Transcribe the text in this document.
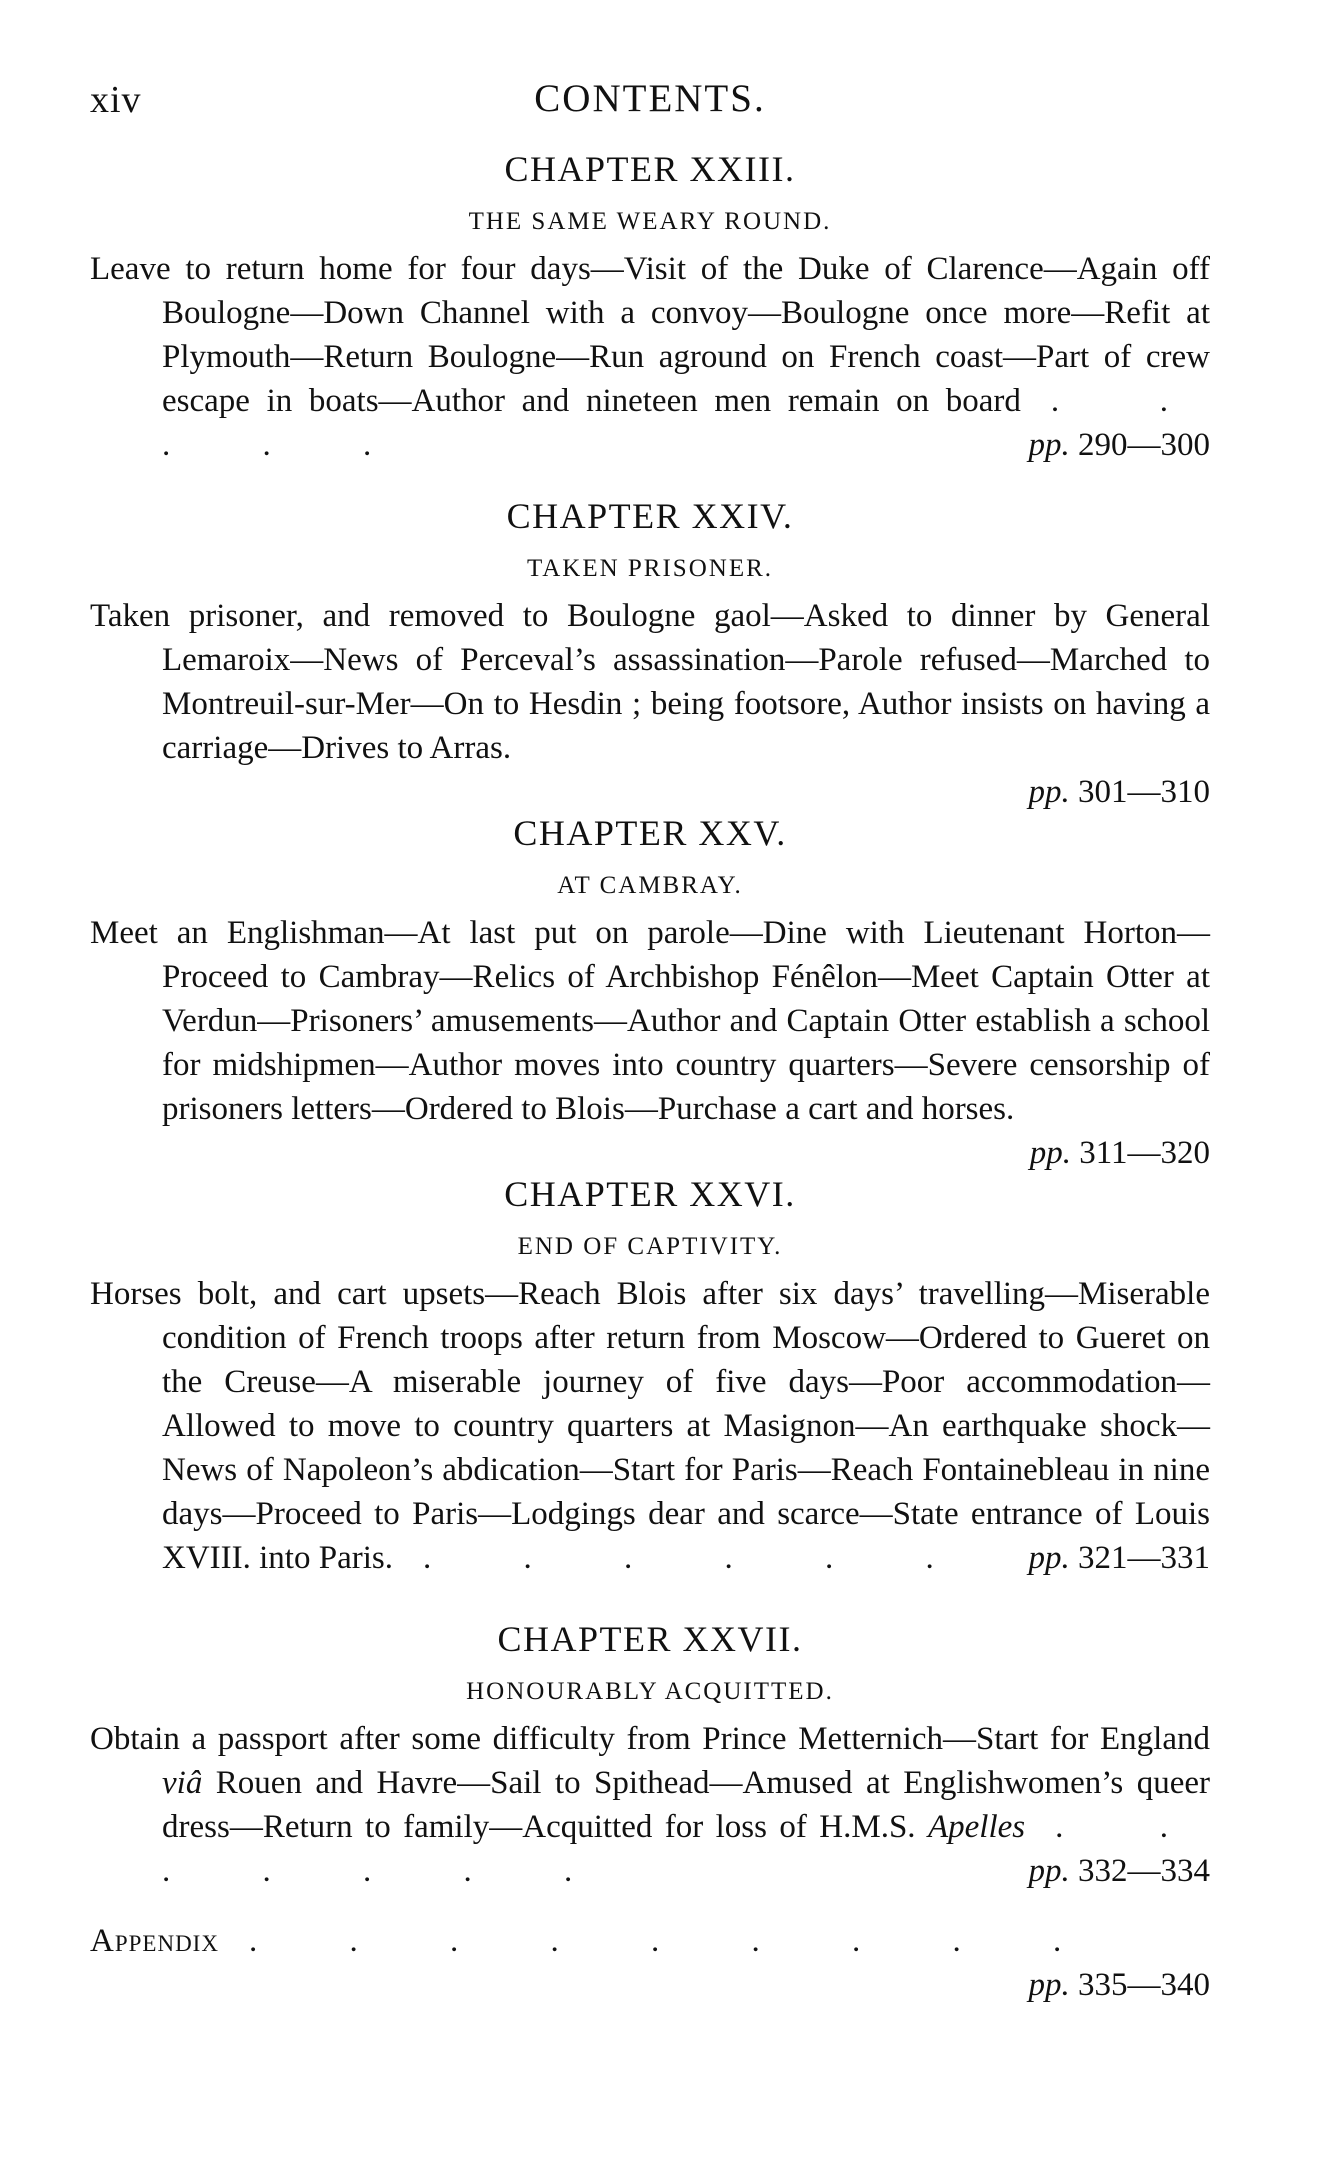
xiv	CONTENTS.
CHAPTER XXIII.
THE SAME WEARY ROUND.

Leave to return home for four days—Visit of the Duke of Clarence—Again off Boulogne—Down Channel with a convoy—Boulogne once more—Refit at Plymouth—Return Boulogne—Run aground on French coast—Part of crew escape in boats—Author and nineteen men remain on board . . . . .	pp. 290—300

CHAPTER XXIV.
TAKEN PRISONER.

Taken prisoner, and removed to Boulogne gaol—Asked to dinner by General Lemaroix—News of Perceval’s assassination—Parole refused—Marched to Montreuil-sur-Mer—On to Hesdin ; being footsore, Author insists on having a carriage—Drives to Arras.

pp. 301—310
CHAPTER XXV.
AT CAMBRAY.

Meet an Englishman—At last put on parole—Dine with Lieutenant Horton—Proceed to Cambray—Relics of Archbishop Fénêlon—Meet Captain Otter at Verdun—Prisoners’ amusements—Author and Captain Otter establish a school for midshipmen—Author moves into country quarters—Severe censorship of prisoners letters—Ordered to Blois—Purchase a cart and horses.

pp. 311—320
CHAPTER XXVI.
END OF CAPTIVITY.

Horses bolt, and cart upsets—Reach Blois after six days’ travelling—Miserable condition of French troops after return from Moscow—Ordered to Gueret on the Creuse—A miserable journey of five days—Poor accommodation—Allowed to move to country quarters at Masignon—An earthquake shock—News of Napoleon’s abdication—Start for Paris—Reach Fontainebleau in nine days—Proceed to Paris—Lodgings dear and scarce—State entrance of Louis XVIII. into Paris. . . . . . . pp. 321—331

CHAPTER XXVII.
HONOURABLY ACQUITTED.

Obtain a passport after some difficulty from Prince Metternich—Start for England viâ Rouen and Havre—Sail to Spithead—Amused at Englishwomen’s queer dress—Return to family—Acquitted for loss of H.M.S. Apelles . . . . . . .	pp. 332—334

Appendix . . . . . . . . .
pp. 335—340
